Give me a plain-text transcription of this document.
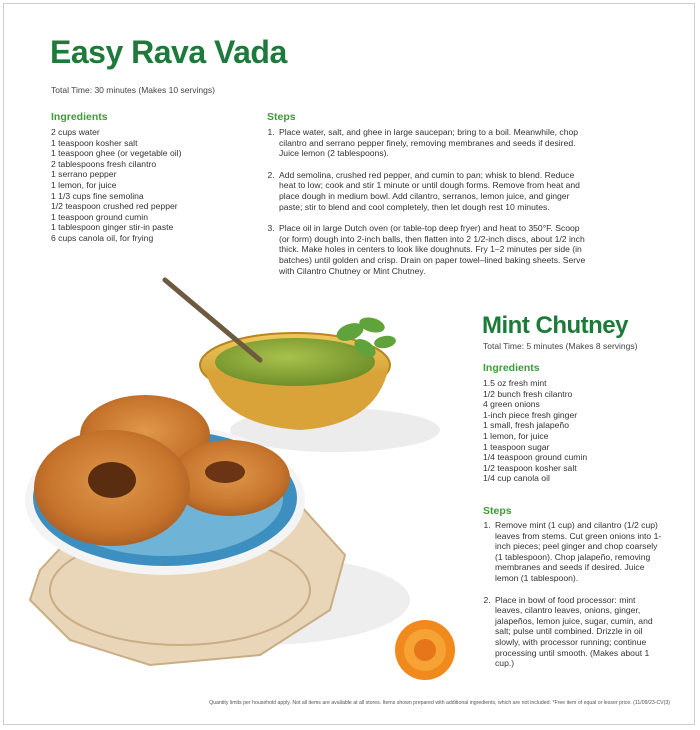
Easy Rava Vada
Total Time: 30 minutes (Makes 10 servings)
Ingredients
2 cups water
1 teaspoon kosher salt
1 teaspoon ghee (or vegetable oil)
2 tablespoons fresh cilantro
1 serrano pepper
1 lemon, for juice
1 1/3 cups fine semolina
1/2 teaspoon crushed red pepper
1 teaspoon ground cumin
1 tablespoon ginger stir-in paste
6 cups canola oil, for frying
Steps
1. Place water, salt, and ghee in large saucepan; bring to a boil. Meanwhile, chop cilantro and serrano pepper finely, removing membranes and seeds if desired. Juice lemon (2 tablespoons).
2. Add semolina, crushed red pepper, and cumin to pan; whisk to blend. Reduce heat to low; cook and stir 1 minute or until dough forms. Remove from heat and place dough in medium bowl. Add cilantro, serranos, lemon juice, and ginger paste; stir to blend and cool completely, then let dough rest 10 minutes.
3. Place oil in large Dutch oven (or table-top deep fryer) and heat to 350°F. Scoop (or form) dough into 2-inch balls, then flatten into 2 1/2-inch discs, about 1/2 inch thick. Make holes in centers to look like doughnuts. Fry 1–2 minutes per side (in batches) until golden and crisp. Drain on paper towel–lined baking sheets. Serve with Cilantro Chutney or Mint Chutney.
Mint Chutney
Total Time: 5 minutes (Makes 8 servings)
Ingredients
1.5 oz fresh mint
1/2 bunch fresh cilantro
4 green onions
1-inch piece fresh ginger
1 small, fresh jalapeño
1 lemon, for juice
1 teaspoon sugar
1/4 teaspoon ground cumin
1/2 teaspoon kosher salt
1/4 cup canola oil
Steps
1. Remove mint (1 cup) and cilantro (1/2 cup) leaves from stems. Cut green onions into 1-inch pieces; peel ginger and chop coarsely (1 tablespoon). Chop jalapeño, removing membranes and seeds if desired. Juice lemon (1 tablespoon).
2. Place in bowl of food processor: mint leaves, cilantro leaves, onions, ginger, jalapeños, lemon juice, sugar, cumin, and salt; pulse until combined. Drizzle in oil slowly, with processor running; continue processing until smooth. (Makes about 1 cup.)
Quantity limits per household apply. Not all items are available at all stores. Items shown prepared with additional ingredients, which are not included. *Free item of equal or lesser price. (11/09/23-CV(3)
